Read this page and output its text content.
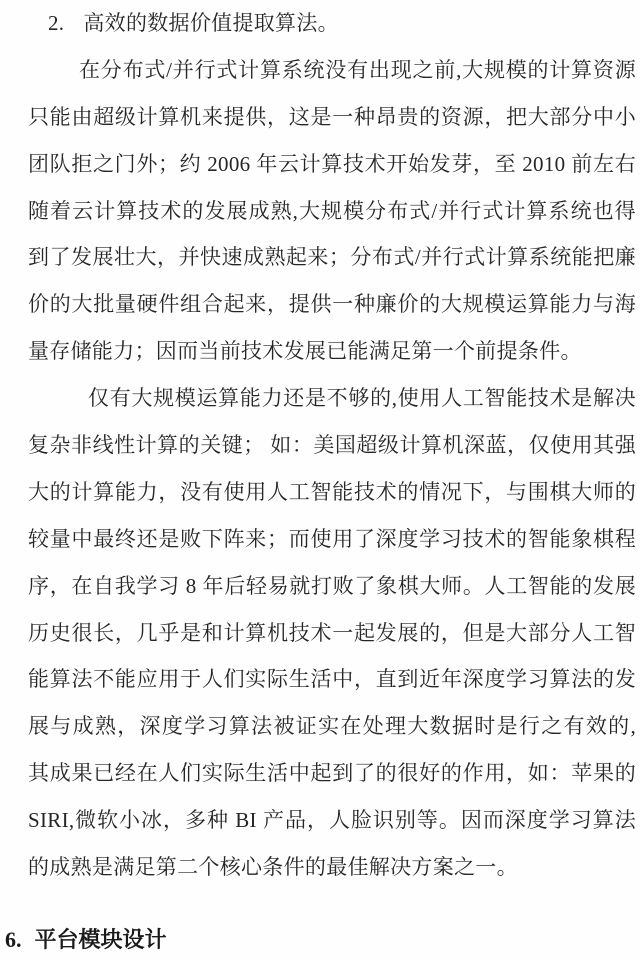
2. 高效的数据价值提取算法。
在分布式/并行式计算系统没有出现之前,大规模的计算资源
只能由超级计算机来提供，这是一种昂贵的资源，把大部分中小
团队拒之门外；约 2006 年云计算技术开始发芽，至 2010 前左右
随着云计算技术的发展成熟,大规模分布式/并行式计算系统也得
到了发展壮大，并快速成熟起来；分布式/并行式计算系统能把廉
价的大批量硬件组合起来，提供一种廉价的大规模运算能力与海
量存储能力；因而当前技术发展已能满足第一个前提条件。
仅有大规模运算能力还是不够的,使用人工智能技术是解决
复杂非线性计算的关键； 如：美国超级计算机深蓝，仅使用其强
大的计算能力，没有使用人工智能技术的情况下，与围棋大师的
较量中最终还是败下阵来；而使用了深度学习技术的智能象棋程
序，在自我学习 8 年后轻易就打败了象棋大师。人工智能的发展
历史很长，几乎是和计算机技术一起发展的，但是大部分人工智
能算法不能应用于人们实际生活中，直到近年深度学习算法的发
展与成熟，深度学习算法被证实在处理大数据时是行之有效的,
其成果已经在人们实际生活中起到了的很好的作用，如：苹果的
SIRI,微软小冰，多种 BI 产品，人脸识别等。因而深度学习算法
的成熟是满足第二个核心条件的最佳解决方案之一。
6. 平台模块设计
